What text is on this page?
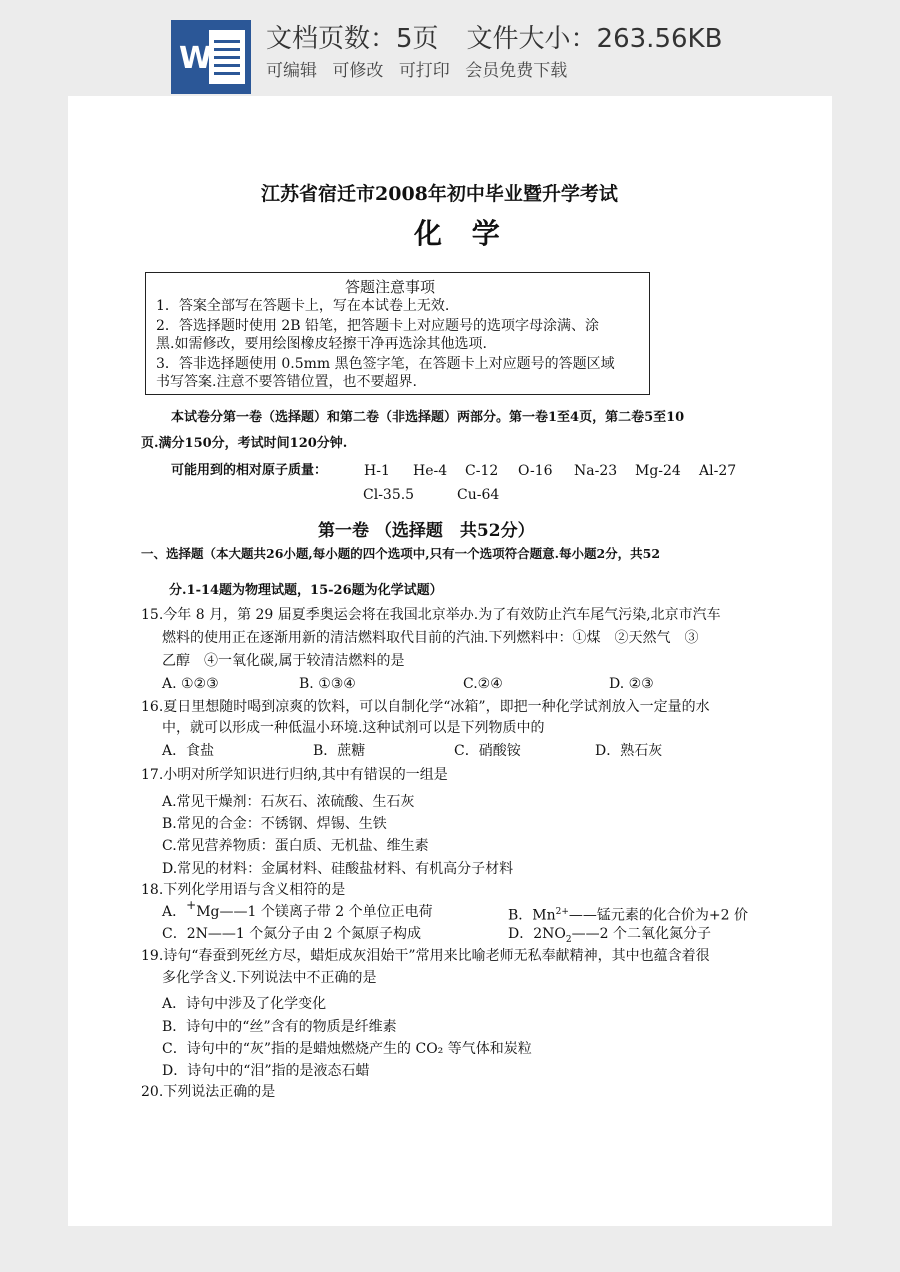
W
文档页数：5页 文件大小：263.56KB
可编辑 可修改 可打印 会员免费下载
江苏省宿迁市2008年初中毕业暨升学考试
化 学
答题注意事项
1．答案全部写在答题卡上，写在本试卷上无效.
2．答选择题时使用 2B 铅笔，把答题卡上对应题号的选项字母涂满、涂
黑.如需修改，要用绘图橡皮轻擦干净再选涂其他选项.
3．答非选择题使用 0.5mm 黑色签字笔，在答题卡上对应题号的答题区域
书写答案.注意不要答错位置，也不要超界.
本试卷分第一卷（选择题）和第二卷（非选择题）两部分。第一卷1至4页，第二卷5至10
页.满分150分，考试时间120分钟.
可能用到的相对原子质量：	H-1 He-4 C-12 O-16 Na-23 Mg-24 Al-27
Cl-35.5	Cu-64
第一卷 （选择题　共52分）
一、选择题（本大题共26小题,每小题的四个选项中,只有一个选项符合题意.每小题2分，共52
分.1-14题为物理试题，15-26题为化学试题）
15.今年 8 月，第 29 届夏季奥运会将在我国北京举办.为了有效防止汽车尾气污染,北京市汽车
燃料的使用正在逐渐用新的清洁燃料取代目前的汽油.下列燃料中：①煤　②天然气　③
乙醇　④一氧化碳,属于较清洁燃料的是
A. ①②③	B. ①③④	C.②④	D. ②③
16.夏日里想随时喝到凉爽的饮料，可以自制化学“冰箱”，即把一种化学试剂放入一定量的水
中，就可以形成一种低温小环境.这种试剂可以是下列物质中的
A．食盐	B．蔗糖	C．硝酸铵	D．熟石灰
17.小明对所学知识进行归纳,其中有错误的一组是
A.常见干燥剂：石灰石、浓硫酸、生石灰
B.常见的合金：不锈钢、焊锡、生铁
C.常见营养物质：蛋白质、无机盐、维生素
D.常见的材料：金属材料、硅酸盐材料、有机高分子材料
18.下列化学用语与含义相符的是
A．+Mg——1 个镁离子带 2 个单位正电荷	B．$Mn^{2+}——$锰元素的化合价为+2 价
C．2N——1 个氮分子由 2 个氮原子构成	D．$2NO_2——2$ 个二氧化氮分子
19.诗句“春蚕到死丝方尽，蜡炬成灰泪始干”常用来比喻老师无私奉献精神，其中也蕴含着很
多化学含义.下列说法中不正确的是
A．诗句中涉及了化学变化
B．诗句中的“丝”含有的物质是纤维素
C．诗句中的“灰”指的是蜡烛燃烧产生的 CO₂ 等气体和炭粒
D．诗句中的“泪”指的是液态石蜡
20.下列说法正确的是
